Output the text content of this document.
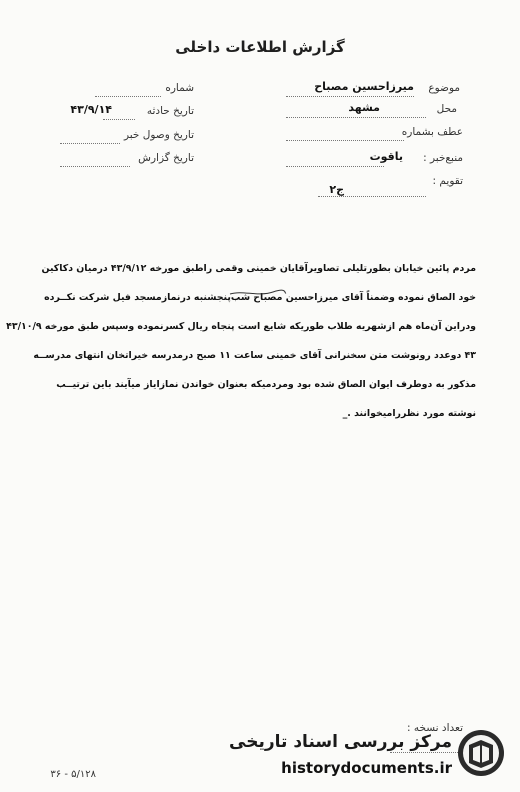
گزارش اطلاعات داخلی
موضوع
میرزاحسین مصباح
محل
مشهد
عطف بشماره
منبع‌خبر :
یاقوت
تقویم :
ج۲
شماره
تاریخ حادثه
۴۳/۹/۱۴
تاریخ وصول خبر
تاریخ گزارش
مردم پائین خیابان بطورتلیلی تصاویرآقایان خمینی وقمی راطبق مورخه ۴۳/۹/۱۲ درمیان دکاکین
خود الصاق نموده وضمناً آقای میرزاحسین مصباح شب‌پنجشنبه درنمازمسجد فیل شرکت نکــرده
ودراین آن‌ماه هم ازشهریه طلاب طوریکه شایع است پنجاه ریال کسرنموده وسپس طبق مورخه ۴۳/۱۰/۹
۴۳ دوعدد رونوشت متن سخنرانی آقای خمینی ساعت ۱۱ صبح درمدرسه خیراتخان انتهای مدرســه
مذکور به دوطرف ایوان الصاق شده بود ومردمیکه بعنوان خواندن نمازایاز میآیند باین ترتیــب
نوشته مورد نظررامیخوانند ._
تعداد نسخه :
۵/۱۲۸ - ۳۶
مرکز بررسی اسناد تاریخی
historydocuments.ir
